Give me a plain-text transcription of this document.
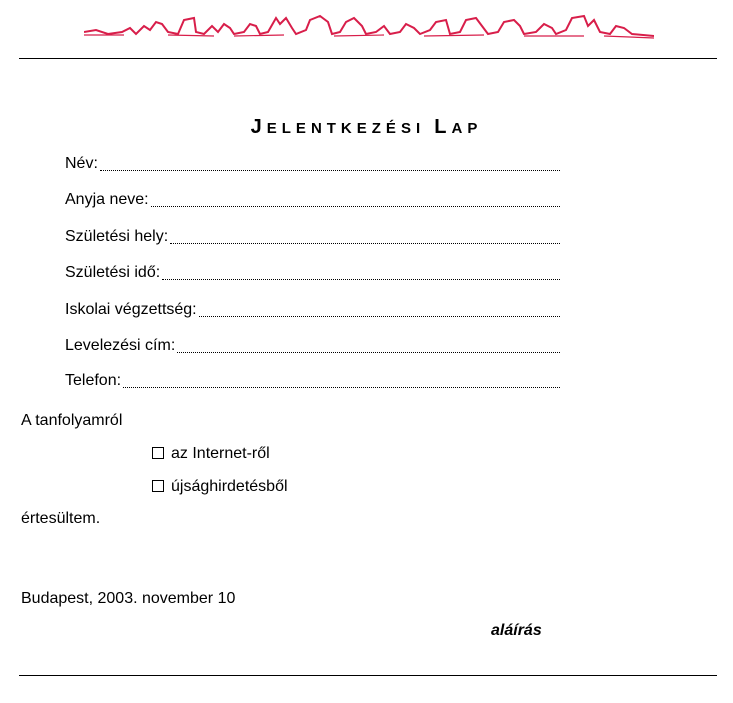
JELENTKEZÉSI LAP
Név:
Anyja neve:
Születési hely:
Születési idő:
Iskolai végzettség:
Levelezési cím:
Telefon:
A tanfolyamról
az Internet-ről
újsághirdetésből
értesültem.
Budapest, 2003. november 10
aláírás
